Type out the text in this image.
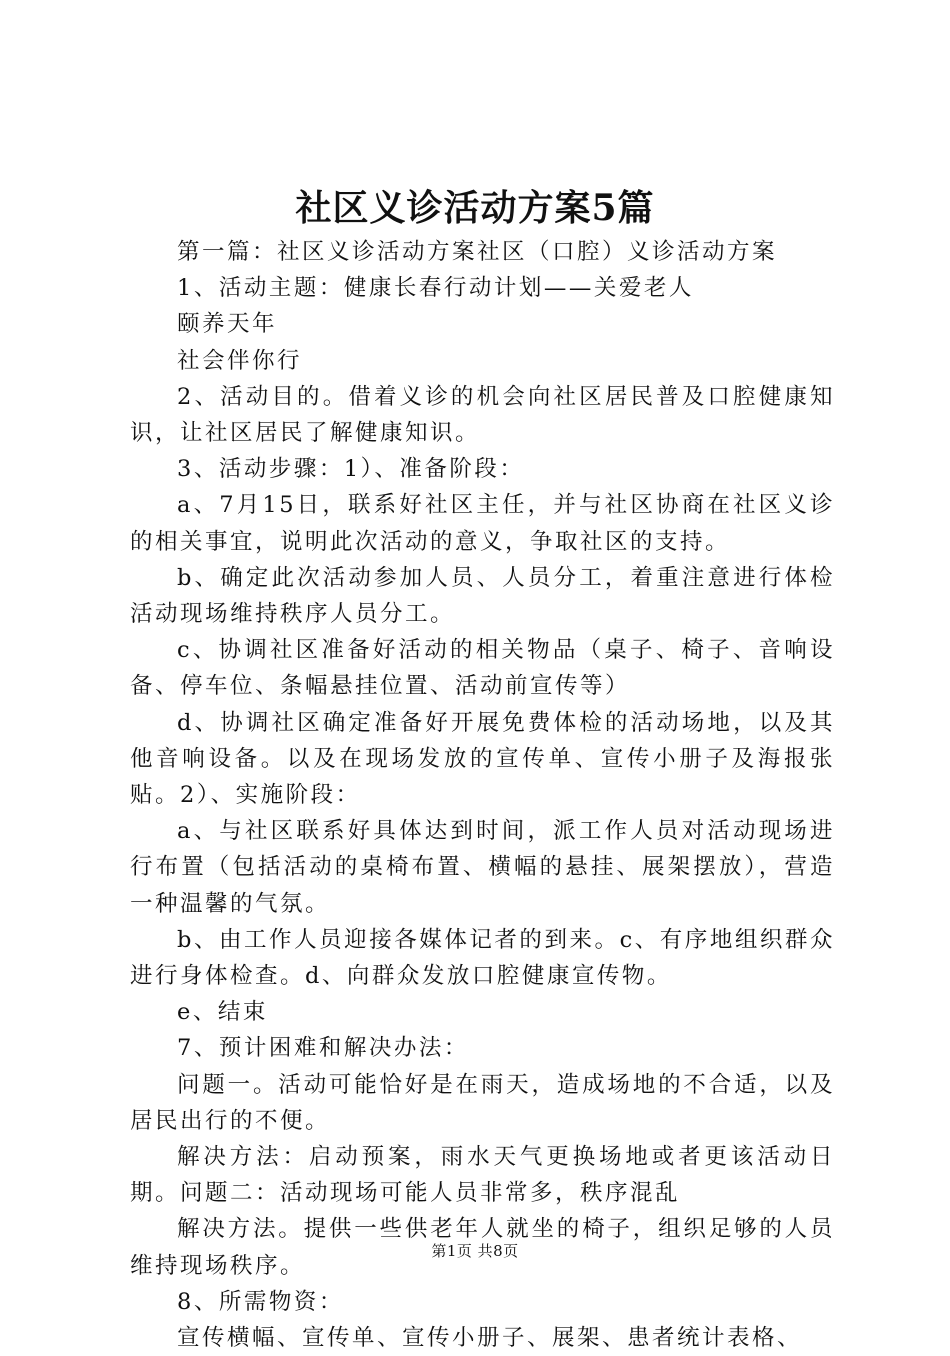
社区义诊活动方案5篇

第一篇：社区义诊活动方案社区（口腔）义诊活动方案

1、活动主题：健康长春行动计划——关爱老人

颐养天年

社会伴你行

2、活动目的。借着义诊的机会向社区居民普及口腔健康知识，让社区居民了解健康知识。

3、活动步骤：1）、准备阶段：

a、7月15日，联系好社区主任，并与社区协商在社区义诊的相关事宜，说明此次活动的意义，争取社区的支持。

b、确定此次活动参加人员、人员分工，着重注意进行体检活动现场维持秩序人员分工。

c、协调社区准备好活动的相关物品（桌子、椅子、音响设备、停车位、条幅悬挂位置、活动前宣传等）

d、协调社区确定准备好开展免费体检的活动场地，以及其他音响设备。以及在现场发放的宣传单、宣传小册子及海报张贴。2）、实施阶段：

a、与社区联系好具体达到时间，派工作人员对活动现场进行布置（包括活动的桌椅布置、横幅的悬挂、展架摆放），营造一种温馨的气氛。

b、由工作人员迎接各媒体记者的到来。c、有序地组织群众进行身体检查。d、向群众发放口腔健康宣传物。

e、结束

7、预计困难和解决办法：

问题一。活动可能恰好是在雨天，造成场地的不合适，以及居民出行的不便。

解决方法：启动预案，雨水天气更换场地或者更该活动日期。问题二：活动现场可能人员非常多，秩序混乱

解决方法。提供一些供老年人就坐的椅子，组织足够的人员维持现场秩序。

8、所需物资：

宣传横幅、宣传单、宣传小册子、展架、患者统计表格、

第1页 共8页
